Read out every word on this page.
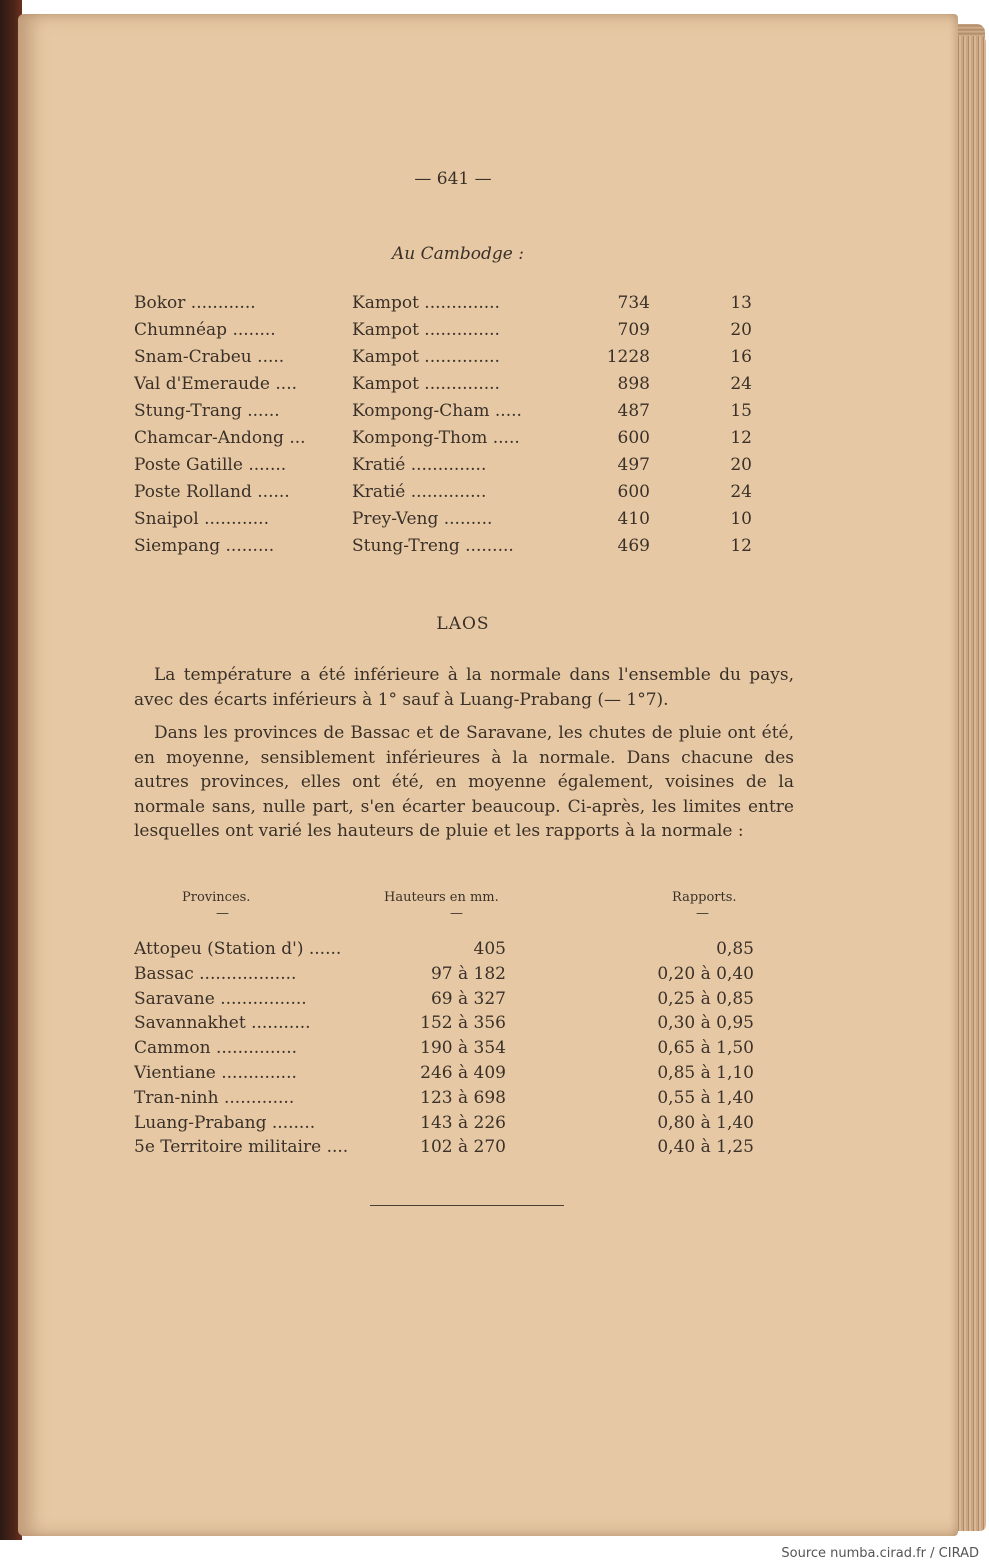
— 641 —
Au Cambodge :
Bokor ............	Kampot ..............	734	13
Chumnéap ........	Kampot ..............	709	20
Snam-Crabeu .....	Kampot ..............	1228	16
Val d'Emeraude ....	Kampot ..............	898	24
Stung-Trang ......	Kompong-Cham .....	487	15
Chamcar-Andong ...	Kompong-Thom .....	600	12
Poste Gatille .......	Kratié ..............	497	20
Poste Rolland ......	Kratié ..............	600	24
Snaipol ............	Prey-Veng .........	410	10
Siempang .........	Stung-Treng .........	469	12
LAOS
La température a été inférieure à la normale dans l'ensemble du pays, avec des écarts inférieurs à 1° sauf à Luang-Prabang (— 1°7).
Dans les provinces de Bassac et de Saravane, les chutes de pluie ont été, en moyenne, sensiblement inférieures à la normale. Dans chacune des autres provinces, elles ont été, en moyenne également, voisines de la normale sans, nulle part, s'en écarter beaucoup. Ci-après, les limites entre lesquelles ont varié les hauteurs de pluie et les rapports à la normale :
Provinces.	Hauteurs en mm.	Rapports.
—	—	—
Attopeu (Station d') ......	405	0,85
Bassac ..................	97 à 182	0,20 à 0,40
Saravane ................	69 à 327	0,25 à 0,85
Savannakhet ...........	152 à 356	0,30 à 0,95
Cammon ...............	190 à 354	0,65 à 1,50
Vientiane ..............	246 à 409	0,85 à 1,10
Tran-ninh .............	123 à 698	0,55 à 1,40
Luang-Prabang ........	143 à 226	0,80 à 1,40
5e Territoire militaire ....	102 à 270	0,40 à 1,25
Source numba.cirad.fr / CIRAD
